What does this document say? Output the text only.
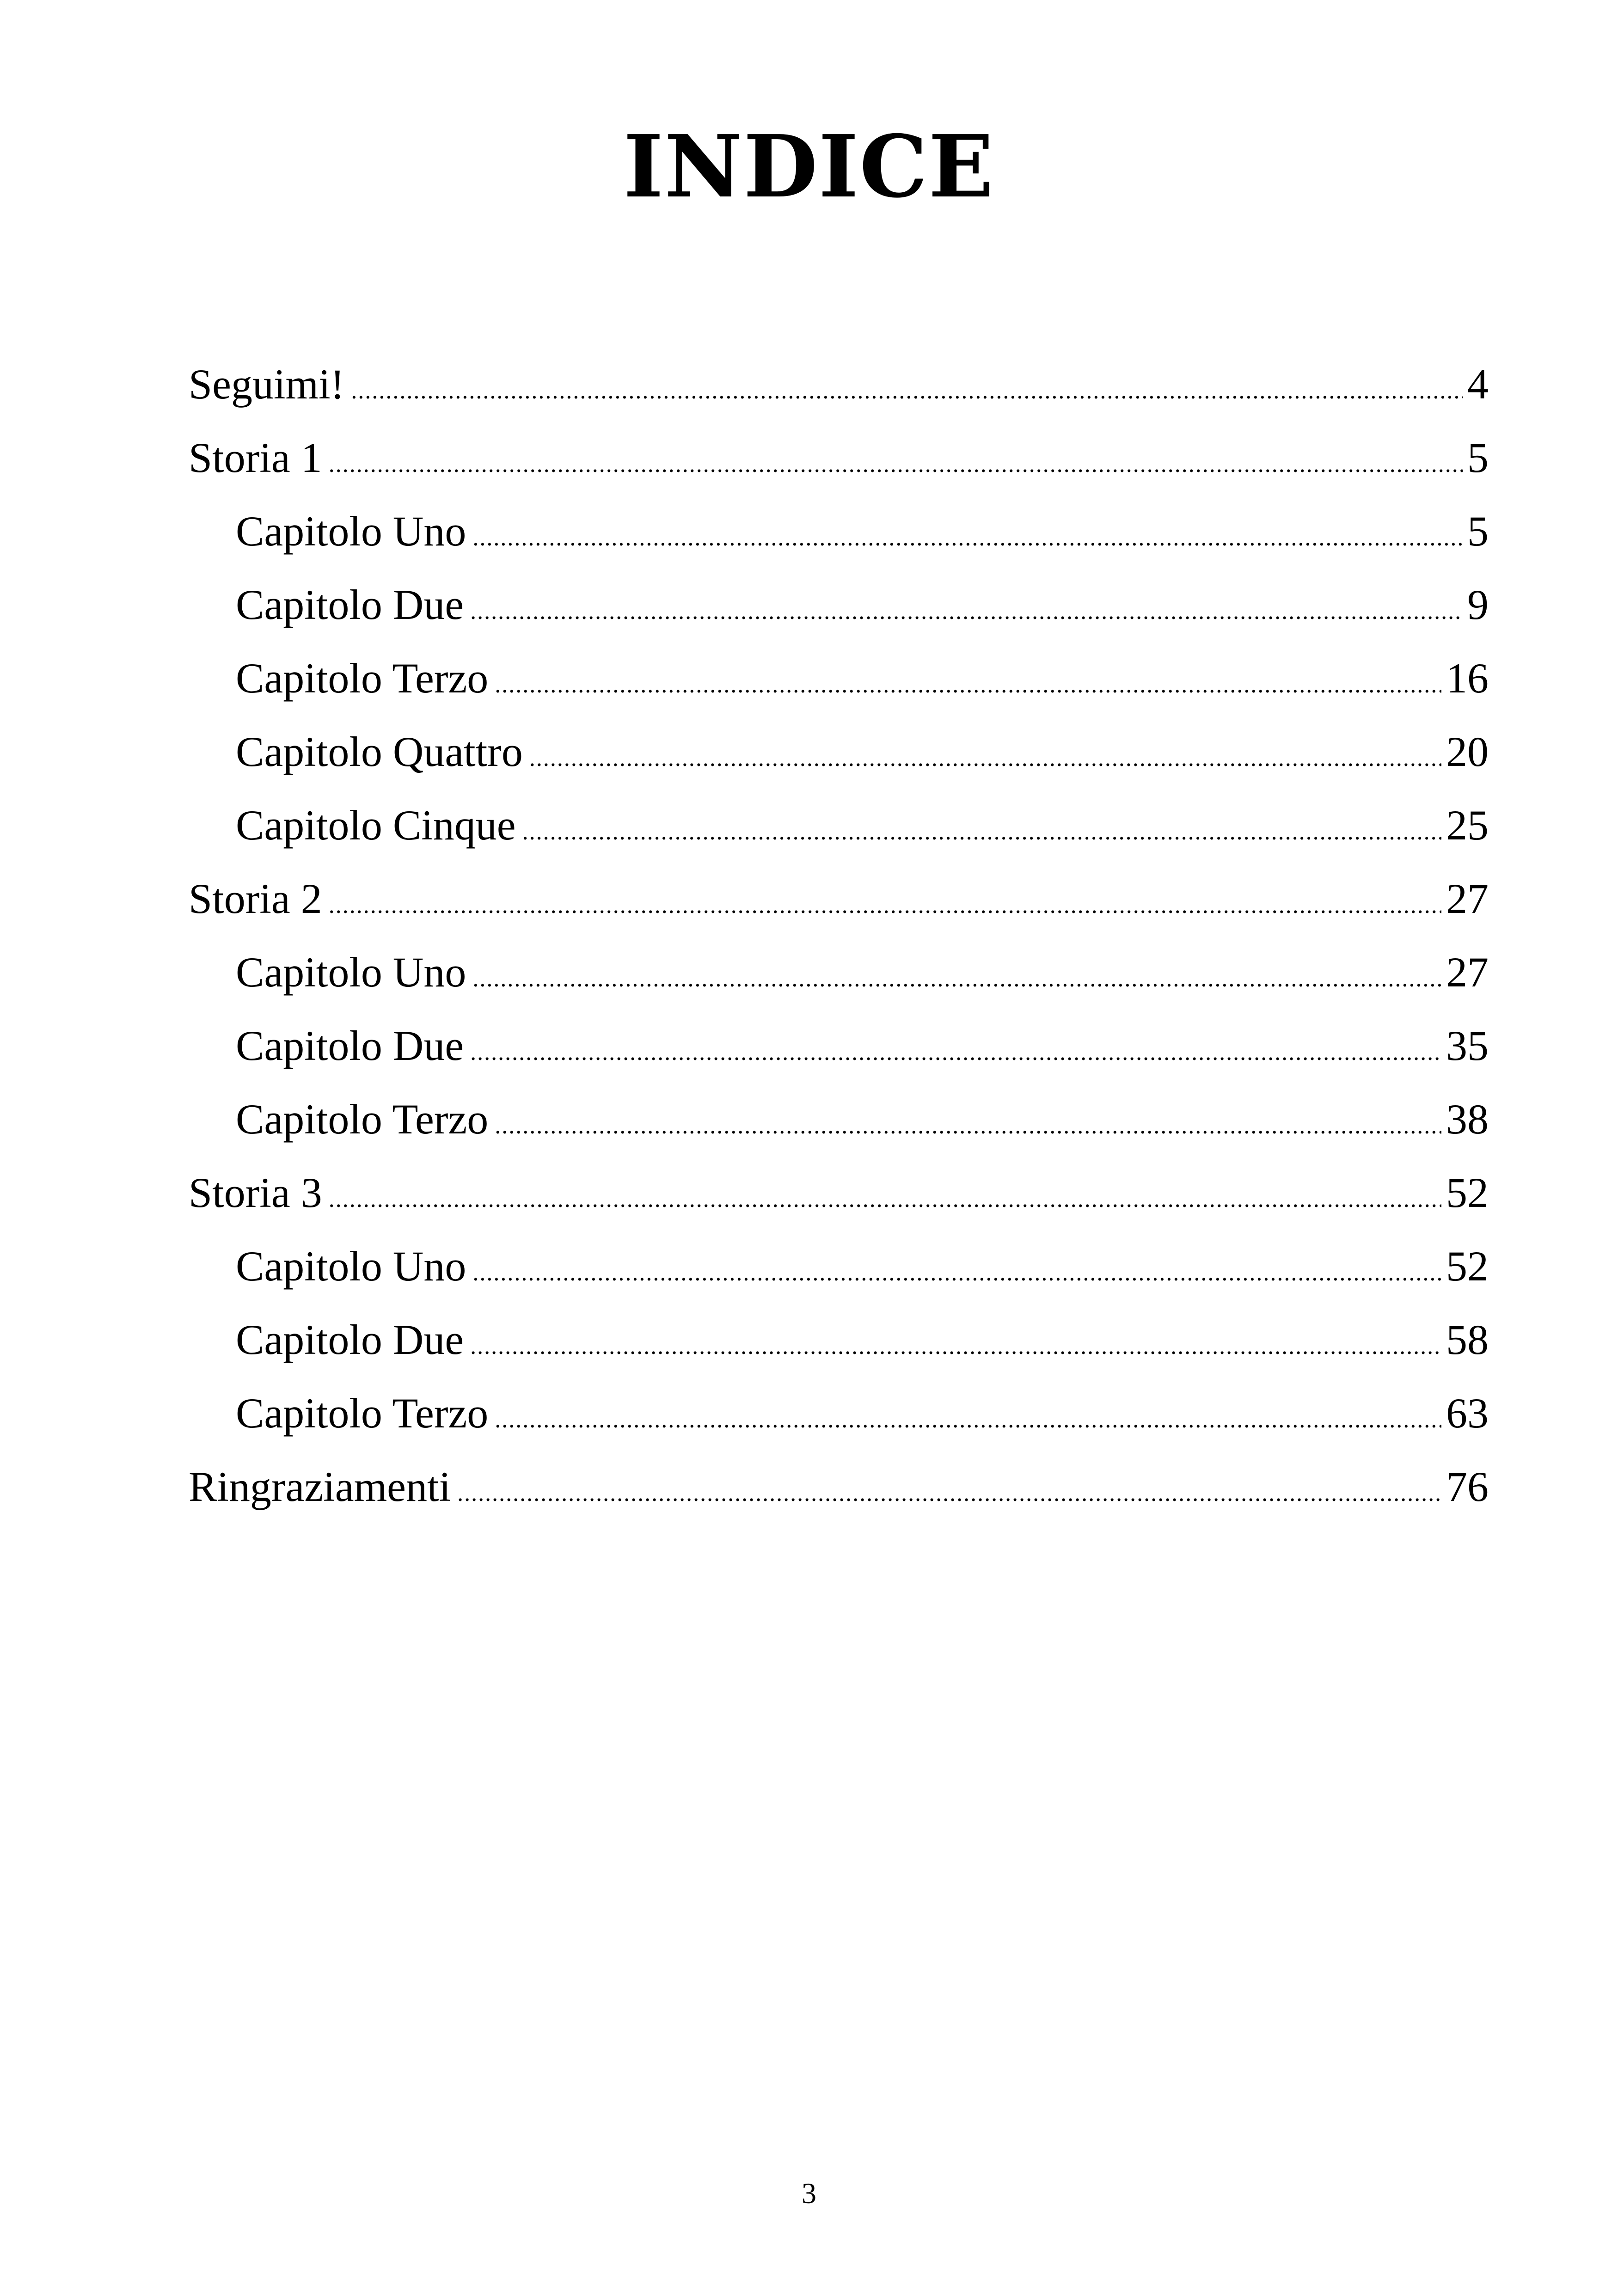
INDICE
Seguimi! .....	4
Storia 1 .....	5
Capitolo Uno .....	5
Capitolo Due .....	9
Capitolo Terzo .....	16
Capitolo Quattro .....	20
Capitolo Cinque .....	25
Storia 2 .....	27
Capitolo Uno .....	27
Capitolo Due .....	35
Capitolo Terzo .....	38
Storia 3 .....	52
Capitolo Uno .....	52
Capitolo Due .....	58
Capitolo Terzo .....	63
Ringraziamenti .....	76
3
